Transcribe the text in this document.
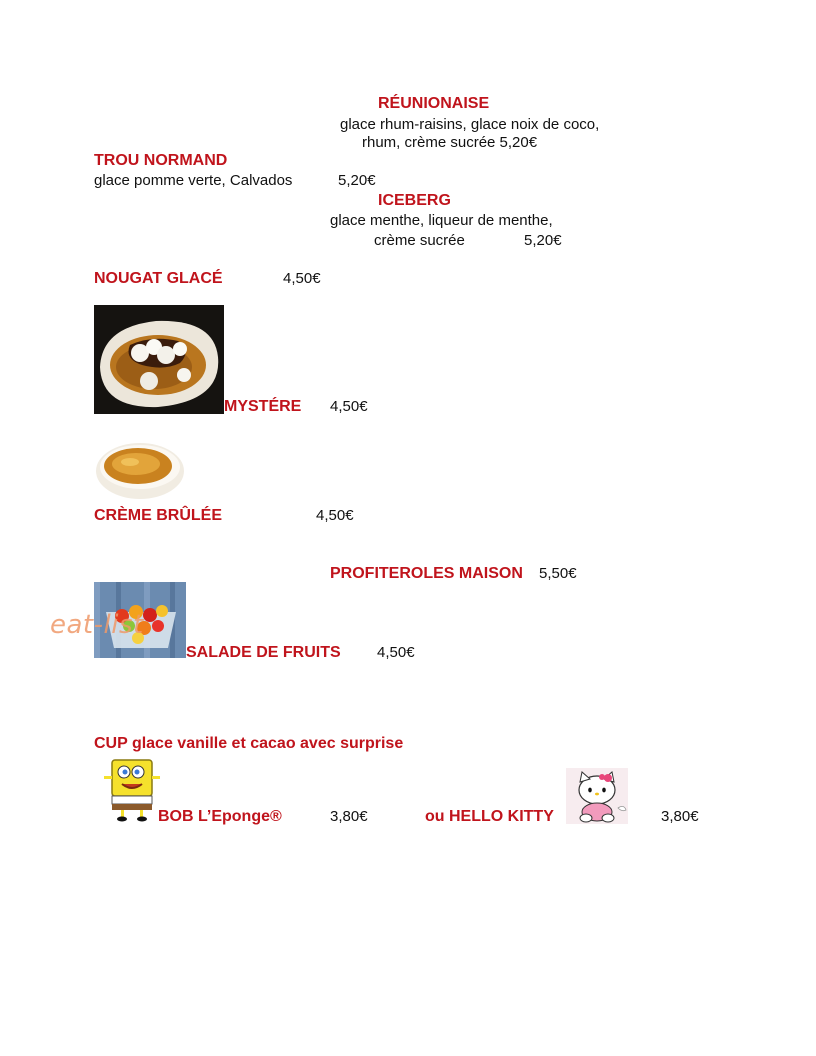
RÉUNIONAISE
glace rhum-raisins, glace noix de coco,
rhum, crème sucrée 5,20€
TROU NORMAND
glace pomme verte, Calvados	5,20€
ICEBERG
glace menthe, liqueur de menthe,
crème sucrée	5,20€
NOUGAT GLACÉ	4,50€
MYSTÉRE 4,50€
CRÈME BRÛLÉE	4,50€
PROFITEROLES MAISON 5,50€
eat-list
SALADE DE FRUITS 4,50€
CUP glace vanille et cacao avec surprise
BOB L’Eponge®	3,80€	ou HELLO KITTY	3,80€
